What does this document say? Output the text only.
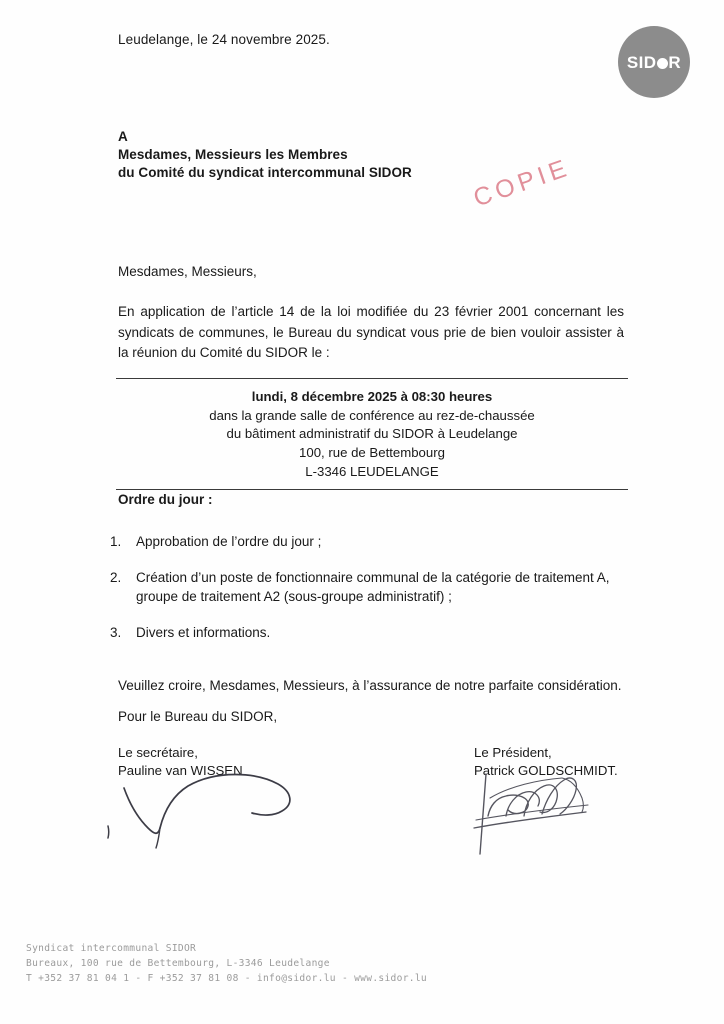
SID R
Leudelange, le 24 novembre 2025.
A
Mesdames, Messieurs les Membres
du Comité du syndicat intercommunal SIDOR COPIE
Mesdames, Messieurs,
En application de l’article 14 de la loi modifiée du 23 février 2001 concernant les syndicats de communes, le Bureau du syndicat vous prie de bien vouloir assister à la réunion du Comité du SIDOR le :
lundi, 8 décembre 2025 à 08:30 heures
dans la grande salle de conférence au rez-de-chaussée
du bâtiment administratif du SIDOR à Leudelange
100, rue de Bettembourg
L-3346 LEUDELANGE
Ordre du jour :
1.	Approbation de l’ordre du jour ;
2.	Création d’un poste de fonctionnaire communal de la catégorie de traitement A, groupe de traitement A2 (sous-groupe administratif) ;
3.	Divers et informations.
Veuillez croire, Mesdames, Messieurs, à l’assurance de notre parfaite considération.
Pour le Bureau du SIDOR,
Le secrétaire,
Pauline van WISSEN
Le Président,
Patrick GOLDSCHMIDT.
Syndicat intercommunal SIDOR
Bureaux, 100 rue de Bettembourg, L-3346 Leudelange
T +352 37 81 04 1 - F +352 37 81 08 - info@sidor.lu - www.sidor.lu
